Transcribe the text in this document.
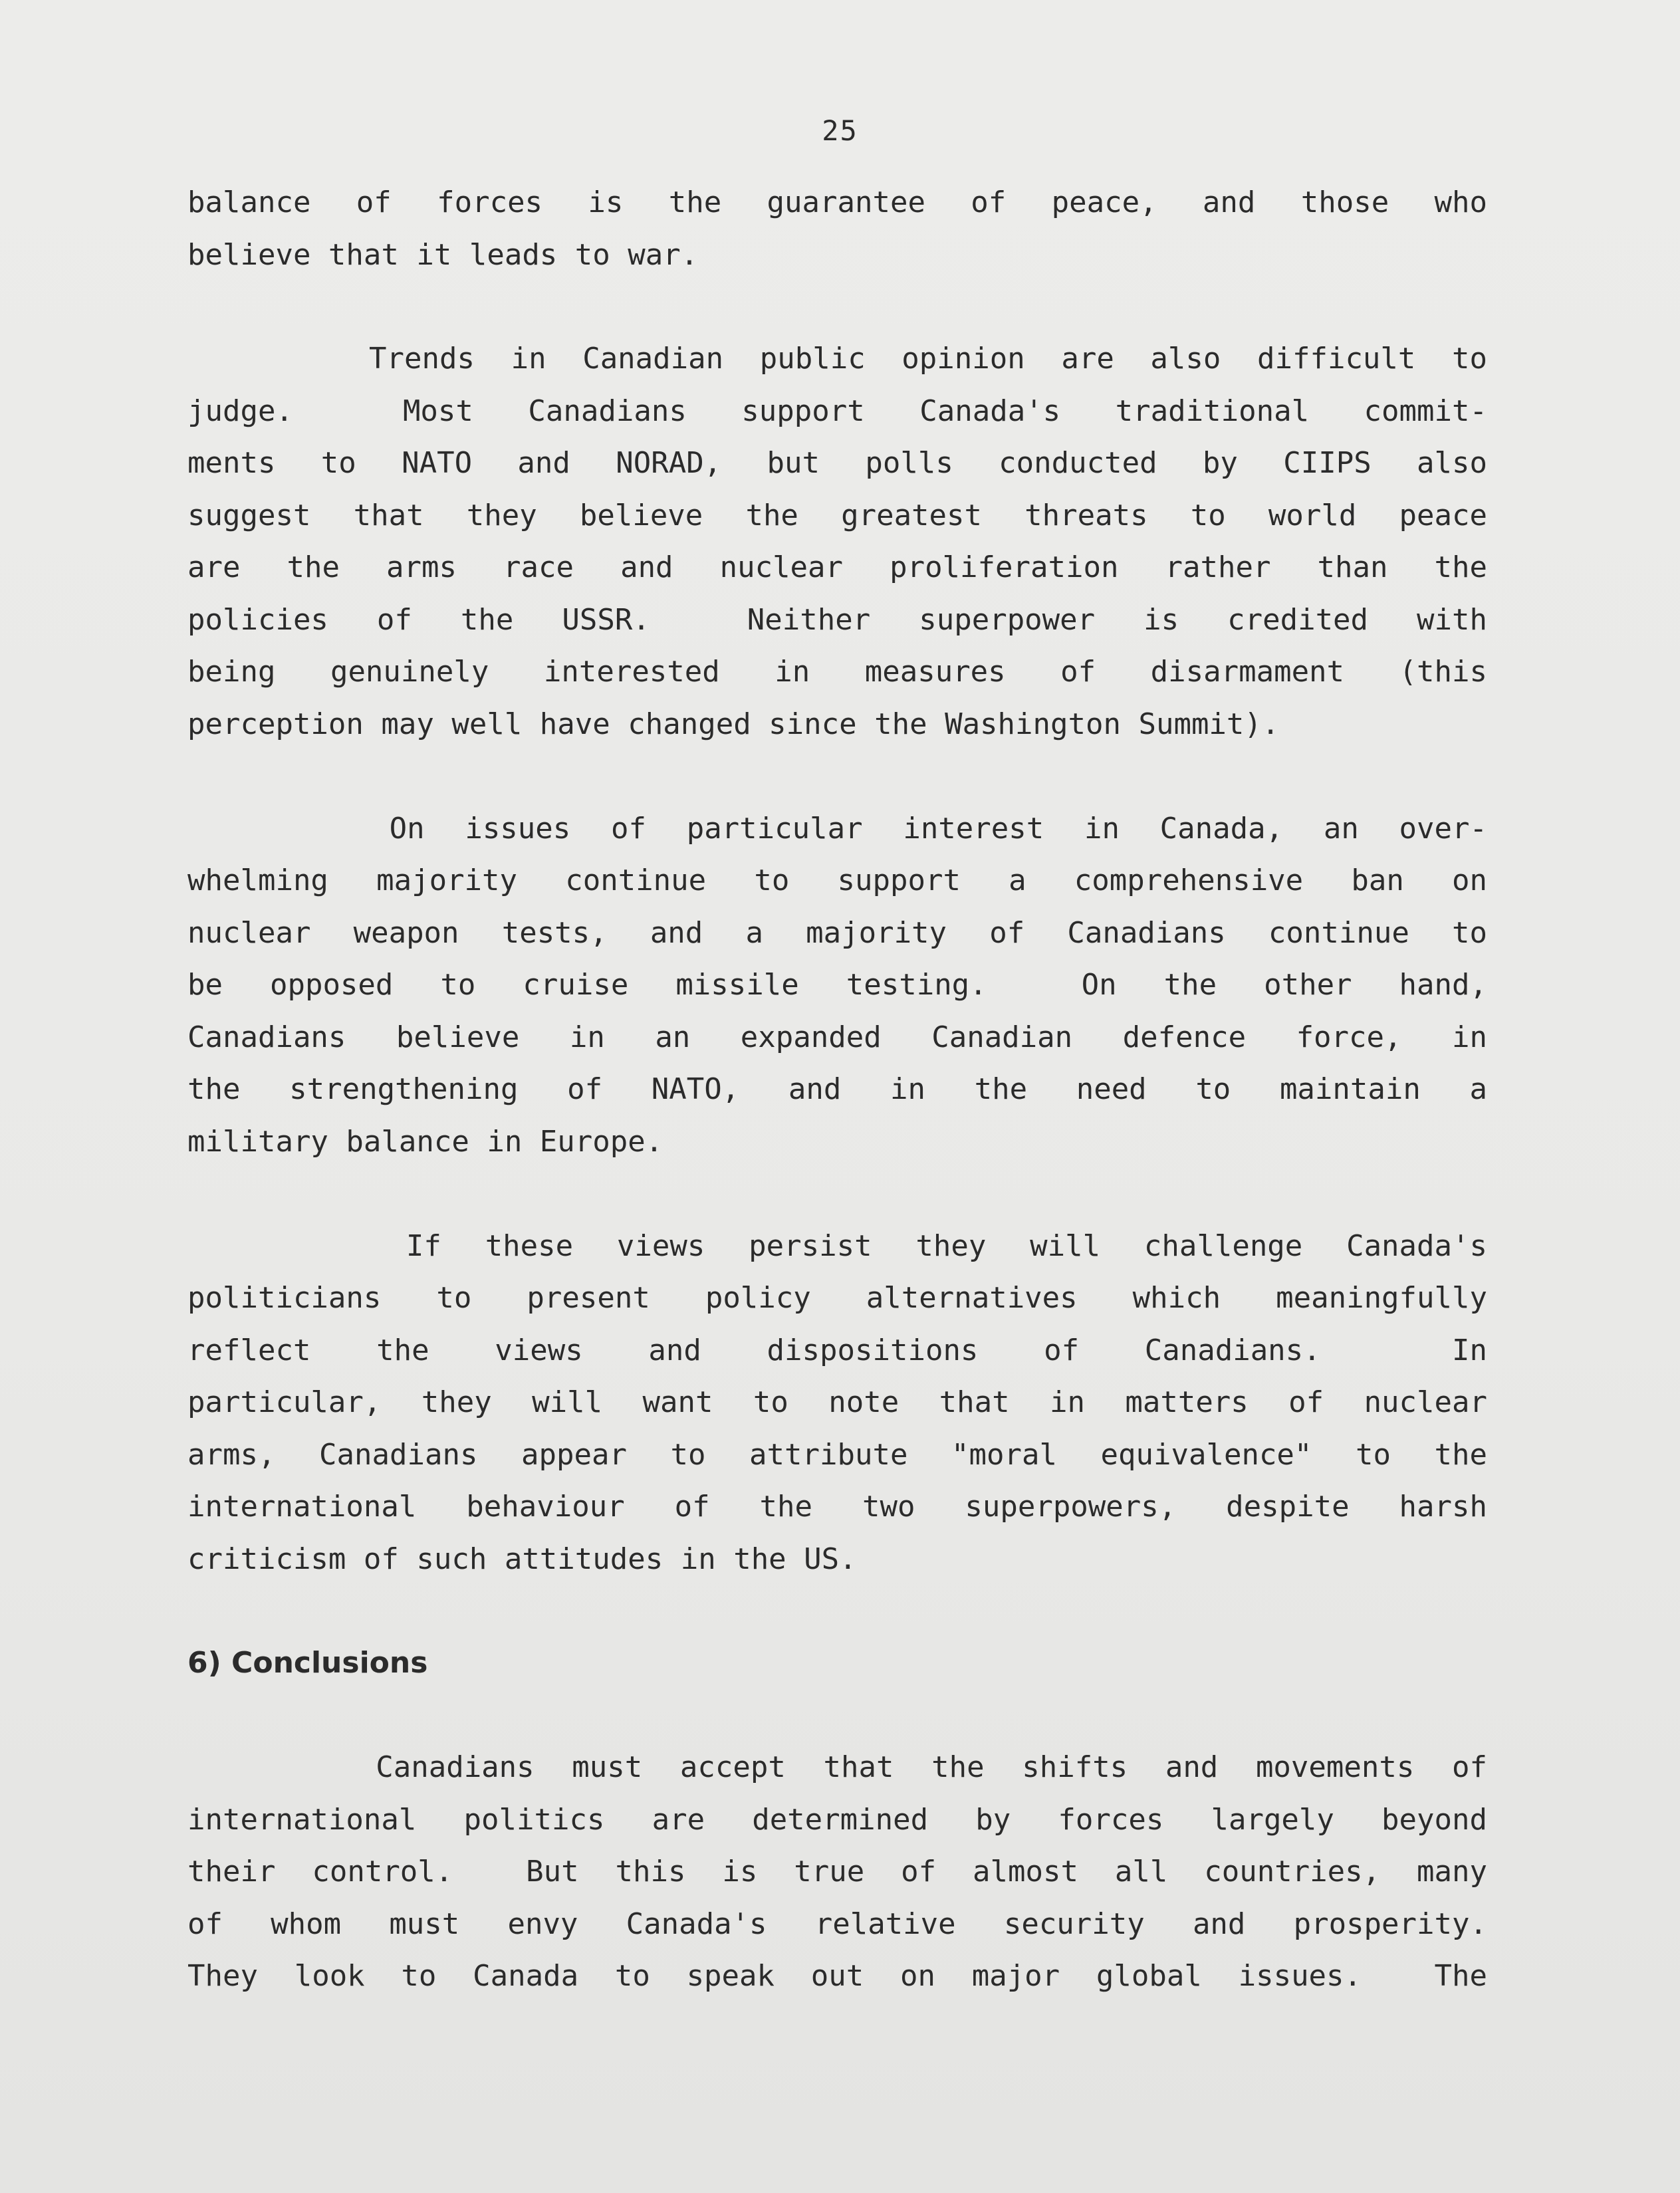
25
balance of forces is the guarantee of peace, and those who
believe that it leads to war.
Trends in Canadian public opinion are also difficult to
judge.  Most Canadians support Canada's traditional commit-
ments to NATO and NORAD, but polls conducted by CIIPS also
suggest that they believe the greatest threats to world peace
are the arms race and nuclear proliferation rather than the
policies of the USSR.  Neither superpower is credited with
being genuinely interested in measures of disarmament (this
perception may well have changed since the Washington Summit).
On issues of particular interest in Canada, an over-
whelming majority continue to support a comprehensive ban on
nuclear weapon tests, and a majority of Canadians continue to
be opposed to cruise missile testing.  On the other hand,
Canadians believe in an expanded Canadian defence force, in
the strengthening of NATO, and in the need to maintain a
military balance in Europe.
If these views persist they will challenge Canada's
politicians to present policy alternatives which meaningfully
reflect the views and dispositions of Canadians.  In
particular, they will want to note that in matters of nuclear
arms, Canadians appear to attribute "moral equivalence" to the
international behaviour of the two superpowers, despite harsh
criticism of such attitudes in the US.
6) Conclusions
Canadians must accept that the shifts and movements of
international politics are determined by forces largely beyond
their control.  But this is true of almost all countries, many
of whom must envy Canada's relative security and prosperity.
They look to Canada to speak out on major global issues.  The
